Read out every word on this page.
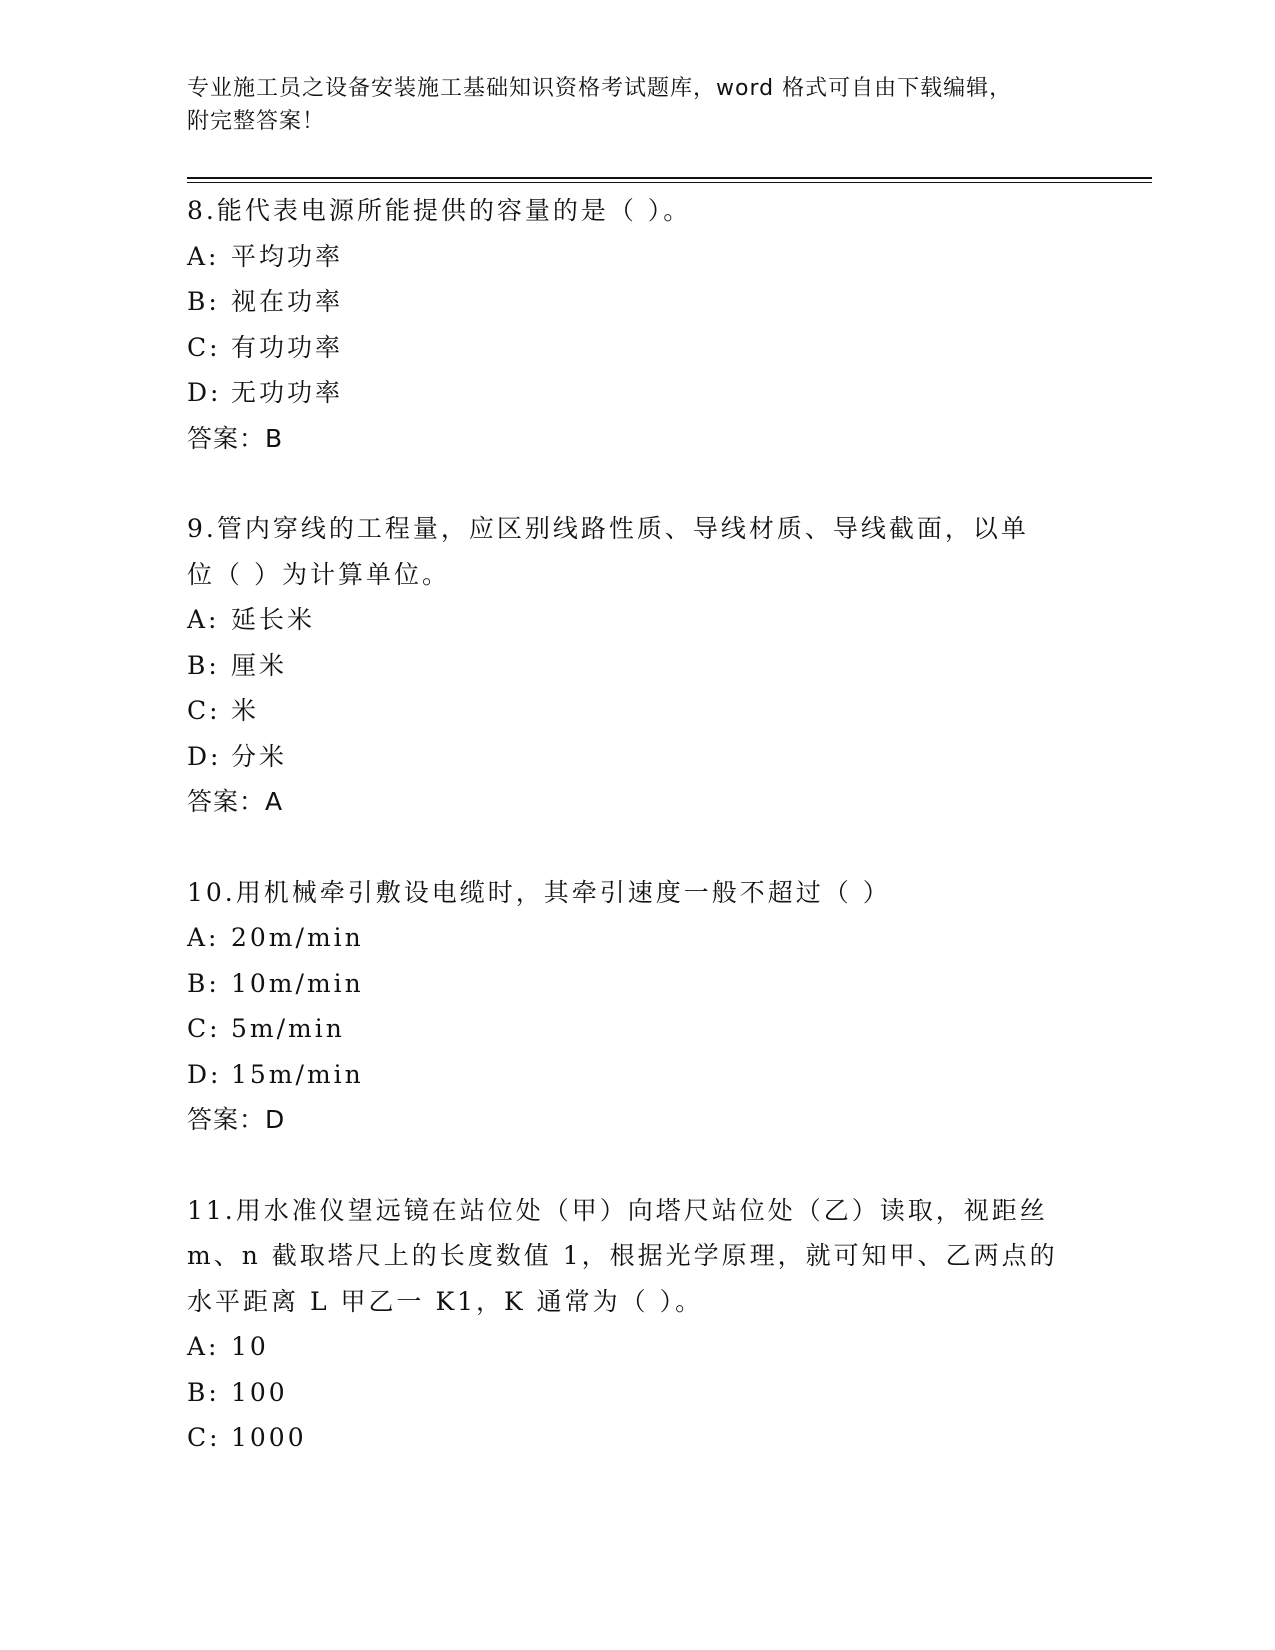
专业施工员之设备安装施工基础知识资格考试题库，word 格式可自由下载编辑，
附完整答案！
8.能代表电源所能提供的容量的是（ ）。
A: 平均功率
B: 视在功率
C: 有功功率
D: 无功功率
答案：B
9.管内穿线的工程量，应区别线路性质、导线材质、导线截面，以单
位（ ）为计算单位。
A: 延长米
B: 厘米
C: 米
D: 分米
答案：A
10.用机械牵引敷设电缆时，其牵引速度一般不超过（ ）
A: 20m/min
B: 10m/min
C: 5m/min
D: 15m/min
答案：D
11.用水准仪望远镜在站位处（甲）向塔尺站位处（乙）读取，视距丝
m、n 截取塔尺上的长度数值 1，根据光学原理，就可知甲、乙两点的
水平距离 L 甲乙一 K1，K 通常为（ ）。
A: 10
B: 100
C: 1000
